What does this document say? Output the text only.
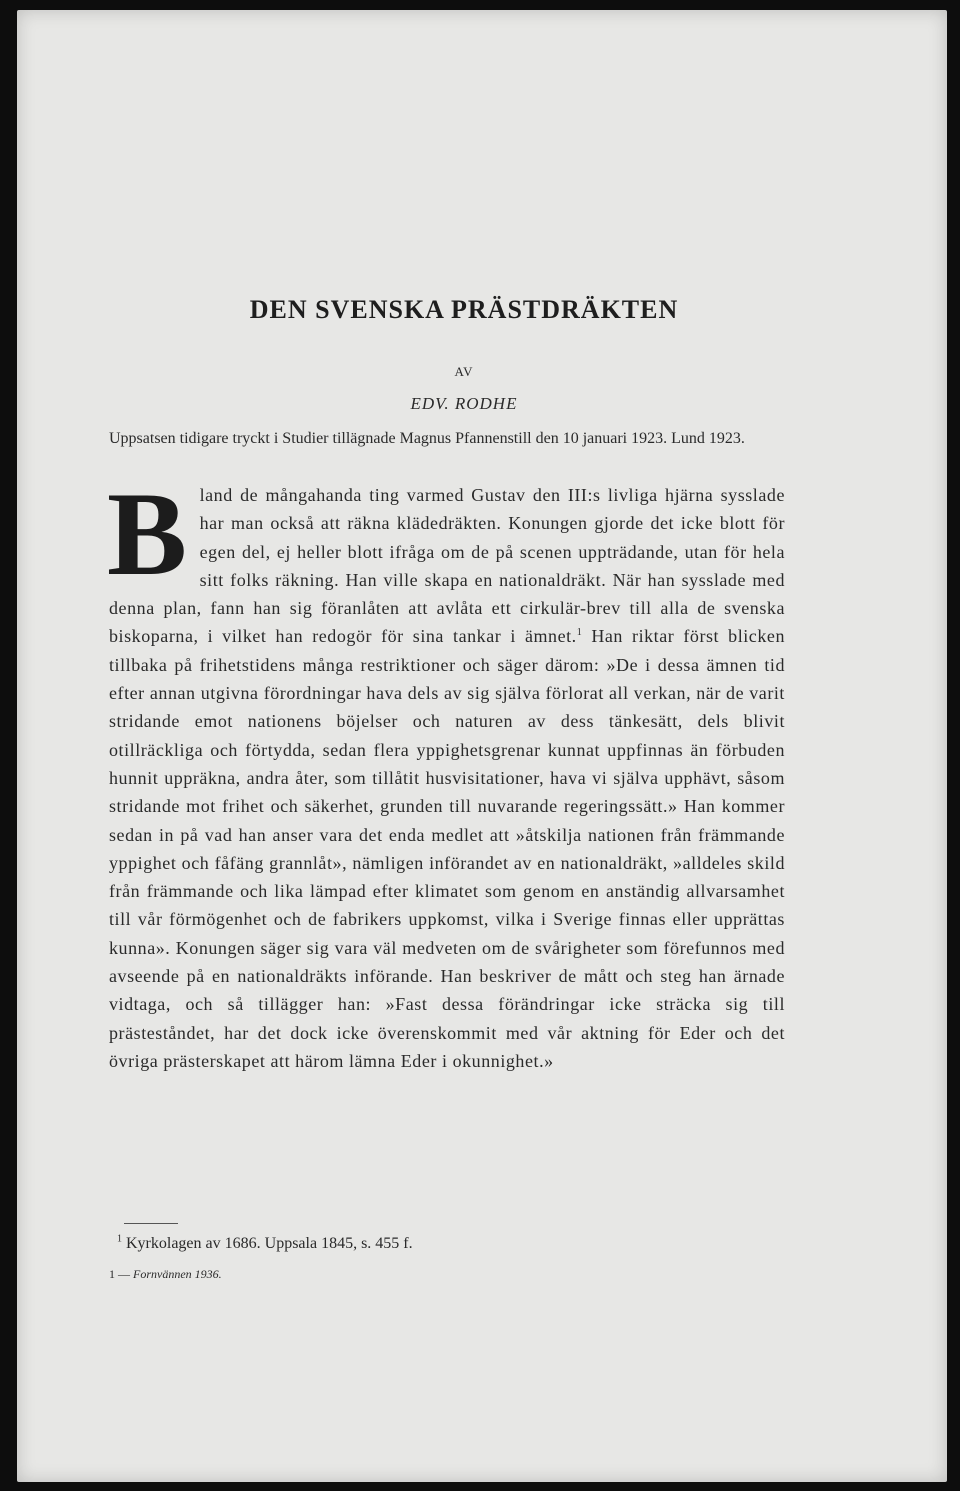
DEN SVENSKA PRÄSTDRÄKTEN

AV

EDV. RODHE

Uppsatsen tidigare tryckt i Studier tillägnade Magnus Pfannenstill den 10 januari 1923. Lund 1923.

Bland de mångahanda ting varmed Gustav den III:s livliga hjärna sysslade har man också att räkna klädedräkten. Konungen gjorde det icke blott för egen del, ej heller blott ifråga om de på scenen uppträdande, utan för hela sitt folks räkning. Han ville skapa en nationaldräkt. När han sysslade med denna plan, fann han sig föranlåten att avlåta ett cirkulär-brev till alla de svenska biskoparna, i vilket han redogör för sina tankar i ämnet.$^1$ Han riktar först blicken tillbaka på frihetstidens många restriktioner och säger därom: »De i dessa ämnen tid efter annan utgivna förordningar hava dels av sig själva förlorat all verkan, när de varit stridande emot nationens böjelser och naturen av dess tänkesätt, dels blivit otillräckliga och förtydda, sedan flera yppighetsgrenar kunnat uppfinnas än förbuden hunnit uppräkna, andra åter, som tillåtit husvisitationer, hava vi själva upphävt, såsom stridande mot frihet och säkerhet, grunden till nuvarande regeringssätt.» Han kommer sedan in på vad han anser vara det enda medlet att »åtskilja nationen från främmande yppighet och fåfäng grannlåt», nämligen införandet av en nationaldräkt, »alldeles skild från främmande och lika lämpad efter klimatet som genom en anständig allvarsamhet till vår förmögenhet och de fabrikers uppkomst, vilka i Sverige finnas eller upprättas kunna». Konungen säger sig vara väl medveten om de svårigheter som förefunnos med avseende på en nationaldräkts införande. Han beskriver de mått och steg han ärnade vidtaga, och så tillägger han: »Fast dessa förändringar icke sträcka sig till prästeståndet, har det dock icke överenskommit med vår aktning för Eder och det övriga prästerskapet att härom lämna Eder i okunnighet.»

$^1$ Kyrkolagen av 1686. Uppsala 1845, s. 455 f.

1 — Fornvännen 1936.
